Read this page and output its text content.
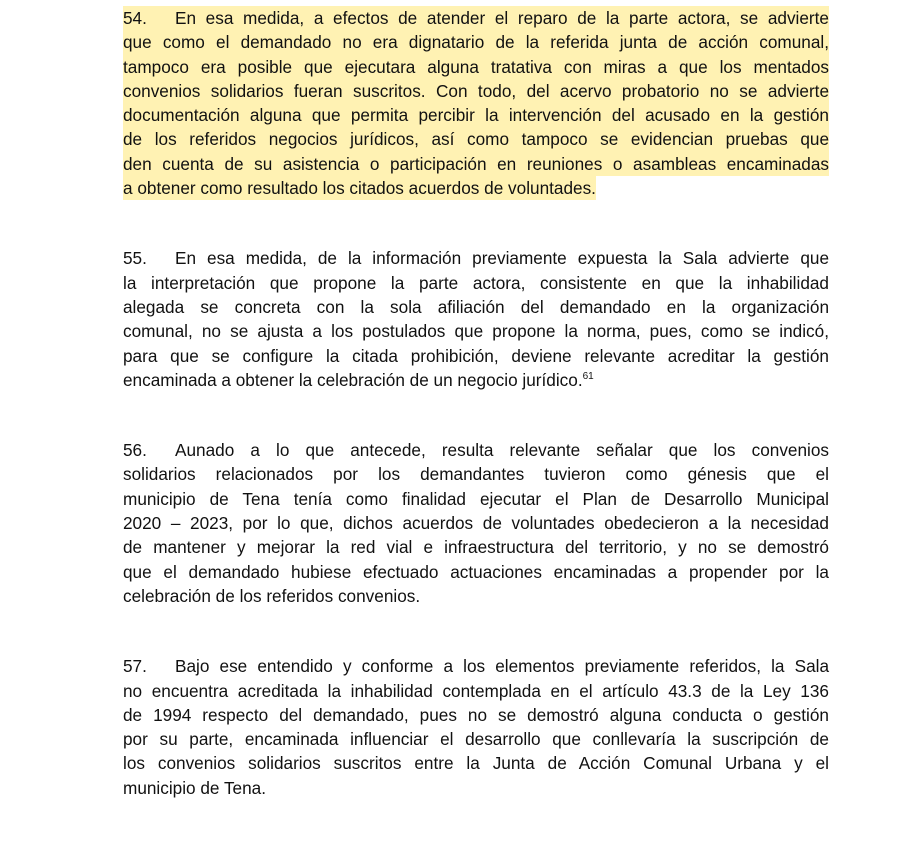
54. En esa medida, a efectos de atender el reparo de la parte actora, se advierte
que como el demandado no era dignatario de la referida junta de acción comunal,
tampoco era posible que ejecutara alguna tratativa con miras a que los mentados
convenios solidarios fueran suscritos. Con todo, del acervo probatorio no se advierte
documentación alguna que permita percibir la intervención del acusado en la gestión
de los referidos negocios jurídicos, así como tampoco se evidencian pruebas que
den cuenta de su asistencia o participación en reuniones o asambleas encaminadas
a obtener como resultado los citados acuerdos de voluntades.

55. En esa medida, de la información previamente expuesta la Sala advierte que
la interpretación que propone la parte actora, consistente en que la inhabilidad
alegada se concreta con la sola afiliación del demandado en la organización
comunal, no se ajusta a los postulados que propone la norma, pues, como se indicó,
para que se configure la citada prohibición, deviene relevante acreditar la gestión
encaminada a obtener la celebración de un negocio jurídico.$^{61}$

56. Aunado a lo que antecede, resulta relevante señalar que los convenios
solidarios relacionados por los demandantes tuvieron como génesis que el
municipio de Tena tenía como finalidad ejecutar el Plan de Desarrollo Municipal
2020 – 2023, por lo que, dichos acuerdos de voluntades obedecieron a la necesidad
de mantener y mejorar la red vial e infraestructura del territorio, y no se demostró
que el demandado hubiese efectuado actuaciones encaminadas a propender por la
celebración de los referidos convenios.

57. Bajo ese entendido y conforme a los elementos previamente referidos, la Sala
no encuentra acreditada la inhabilidad contemplada en el artículo 43.3 de la Ley 136
de 1994 respecto del demandado, pues no se demostró alguna conducta o gestión
por su parte, encaminada influenciar el desarrollo que conllevaría la suscripción de
los convenios solidarios suscritos entre la Junta de Acción Comunal Urbana y el
municipio de Tena.
